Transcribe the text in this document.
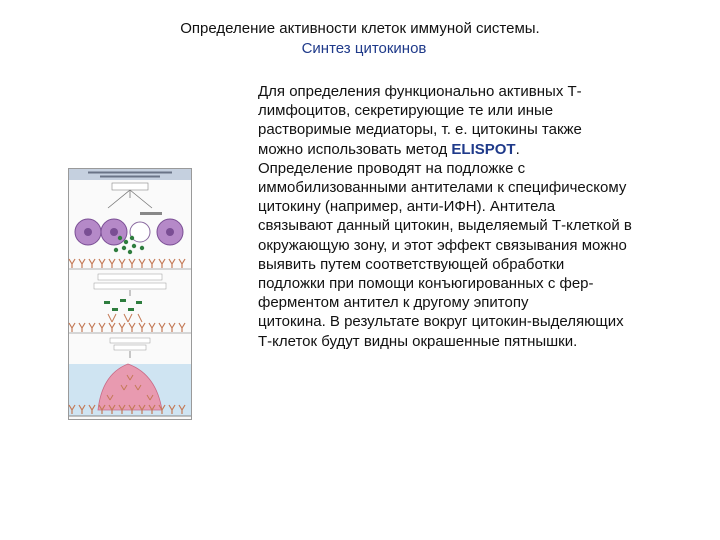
Определение активности клеток иммуной системы.
Синтез цитокинов
Для определения функционально активных Т-
лимфоцитов, секретирующие те или иные
растворимые медиаторы, т. е. цитокины также
можно использовать метод ELISPOT.
Определение проводят на подложке с
иммобилизованными антителами к специфическому
цитокину (например, анти-ИФН). Антитела
связывают данный цитокин, выделяемый Т-клеткой в
окружающую зону, и этот эффект связывания можно
выявить путем соответствующей обработки
подложки при помощи конъюгированных с фер-
ферментом антител к другому эпитопу
цитокина. В результате вокруг цитокин-выделяющих
Т-клеток будут видны окрашенные пятнышки.
